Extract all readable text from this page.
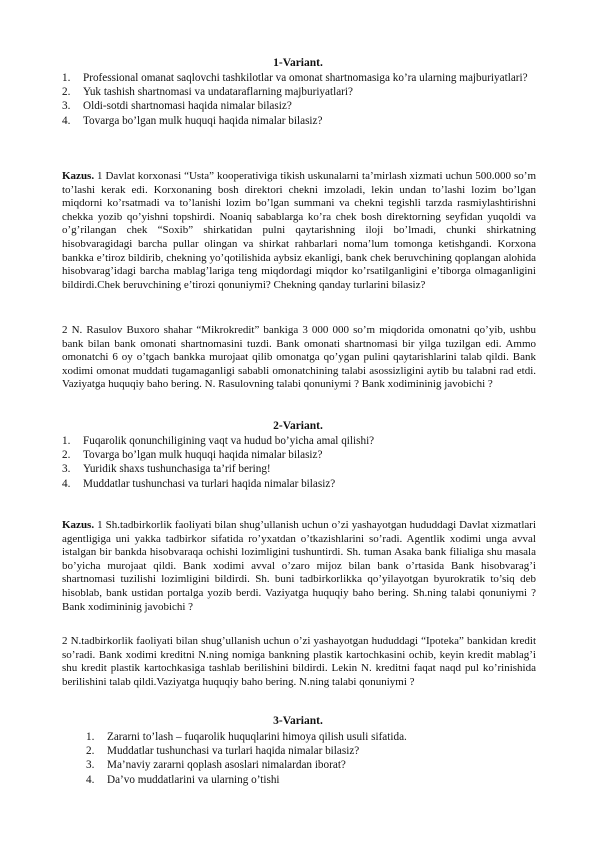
1-Variant.
1. Professional omanat saqlovchi tashkilotlar va omonat shartnomasiga ko’ra ularning majburiyatlari?
2. Yuk tashish shartnomasi va undataraflarning majburiyatlari?
3. Oldi-sotdi shartnomasi haqida nimalar bilasiz?
4. Tovarga bo’lgan mulk huquqi haqida nimalar bilasiz?
Kazus. 1 Davlat korxonasi “Usta” kooperativiga tikish uskunalarni ta’mirlash xizmati uchun 500.000 so’m to’lashi kerak edi. Korxonaning bosh direktori chekni imzoladi, lekin undan to’lashi lozim bo’lgan miqdorni ko’rsatmadi va to’lanishi lozim bo’lgan summani va chekni tegishli tarzda rasmiylashtirishni chekka yozib qo’yishni topshirdi. Noaniq sabablarga ko’ra chek bosh direktorning seyfidan yuqoldi va o’g’rilangan chek “Soxib” shirkatidan pulni qaytarishning iloji bo’lmadi, chunki shirkatning hisobvaragidagi barcha pullar olingan va shirkat rahbarlari noma’lum tomonga ketishgandi. Korxona bankka e’tiroz bildirib, chekning yo’qotilishida aybsiz ekanligi, bank chek beruvchining qoplangan alohida hisobvarag’idagi barcha mablag’lariga teng miqdordagi miqdor ko’rsatilganligini e’tiborga olmaganligini bildirdi.Chek beruvchining e’tirozi qonuniymi? Chekning qanday turlarini bilasiz?
2 N. Rasulov Buxoro shahar “Mikrokredit” bankiga 3 000 000 so’m miqdorida omonatni qo’yib, ushbu bank bilan bank omonati shartnomasini tuzdi. Bank omonati shartnomasi bir yilga tuzilgan edi. Ammo omonatchi 6 oy o’tgach bankka murojaat qilib omonatga qo’ygan pulini qaytarishlarini talab qildi. Bank xodimi omonat muddati tugamaganligi sababli omonatchining talabi asossizligini aytib bu talabni rad etdi. Vaziyatga huquqiy baho bering. N. Rasulovning talabi qonuniymi ? Bank xodimininig javobichi ?
2-Variant.
1. Fuqarolik qonunchiligining vaqt va hudud bo’yicha amal qilishi?
2. Tovarga bo’lgan mulk huquqi haqida nimalar bilasiz?
3. Yuridik shaxs tushunchasiga ta’rif bering!
4. Muddatlar tushunchasi va turlari haqida nimalar bilasiz?
Kazus. 1 Sh.tadbirkorlik faoliyati bilan shug’ullanish uchun o’zi yashayotgan hududdagi Davlat xizmatlari agentligiga uni yakka tadbirkor sifatida ro’yxatdan o’tkazishlarini so’radi. Agentlik xodimi unga avval istalgan bir bankda hisobvaraqa ochishi lozimligini tushuntirdi. Sh. tuman Asaka bank filialiga shu masala bo’yicha murojaat qildi. Bank xodimi avval o’zaro mijoz bilan bank o’rtasida Bank hisobvarag’i shartnomasi tuzilishi lozimligini bildirdi. Sh. buni tadbirkorlikka qo’yilayotgan byurokratik to’siq deb hisoblab, bank ustidan portalga yozib berdi. Vaziyatga huquqiy baho bering. Sh.ning talabi qonuniymi ? Bank xodimininig javobichi ?
2 N.tadbirkorlik faoliyati bilan shug’ullanish uchun o’zi yashayotgan hududdagi “Ipoteka” bankidan kredit so’radi. Bank xodimi kreditni N.ning nomiga bankning plastik kartochkasini ochib, keyin kredit mablag’i shu kredit plastik kartochkasiga tashlab berilishini bildirdi. Lekin N. kreditni faqat naqd pul ko’rinishida berilishini talab qildi.Vaziyatga huquqiy baho bering. N.ning talabi qonuniymi ?
3-Variant.
1. Zararni to’lash – fuqarolik huquqlarini himoya qilish usuli sifatida.
2. Muddatlar tushunchasi va turlari haqida nimalar bilasiz?
3. Ma’naviy zararni qoplash asoslari nimalardan iborat?
4. Da’vo muddatlarini va ularning o’tishi
